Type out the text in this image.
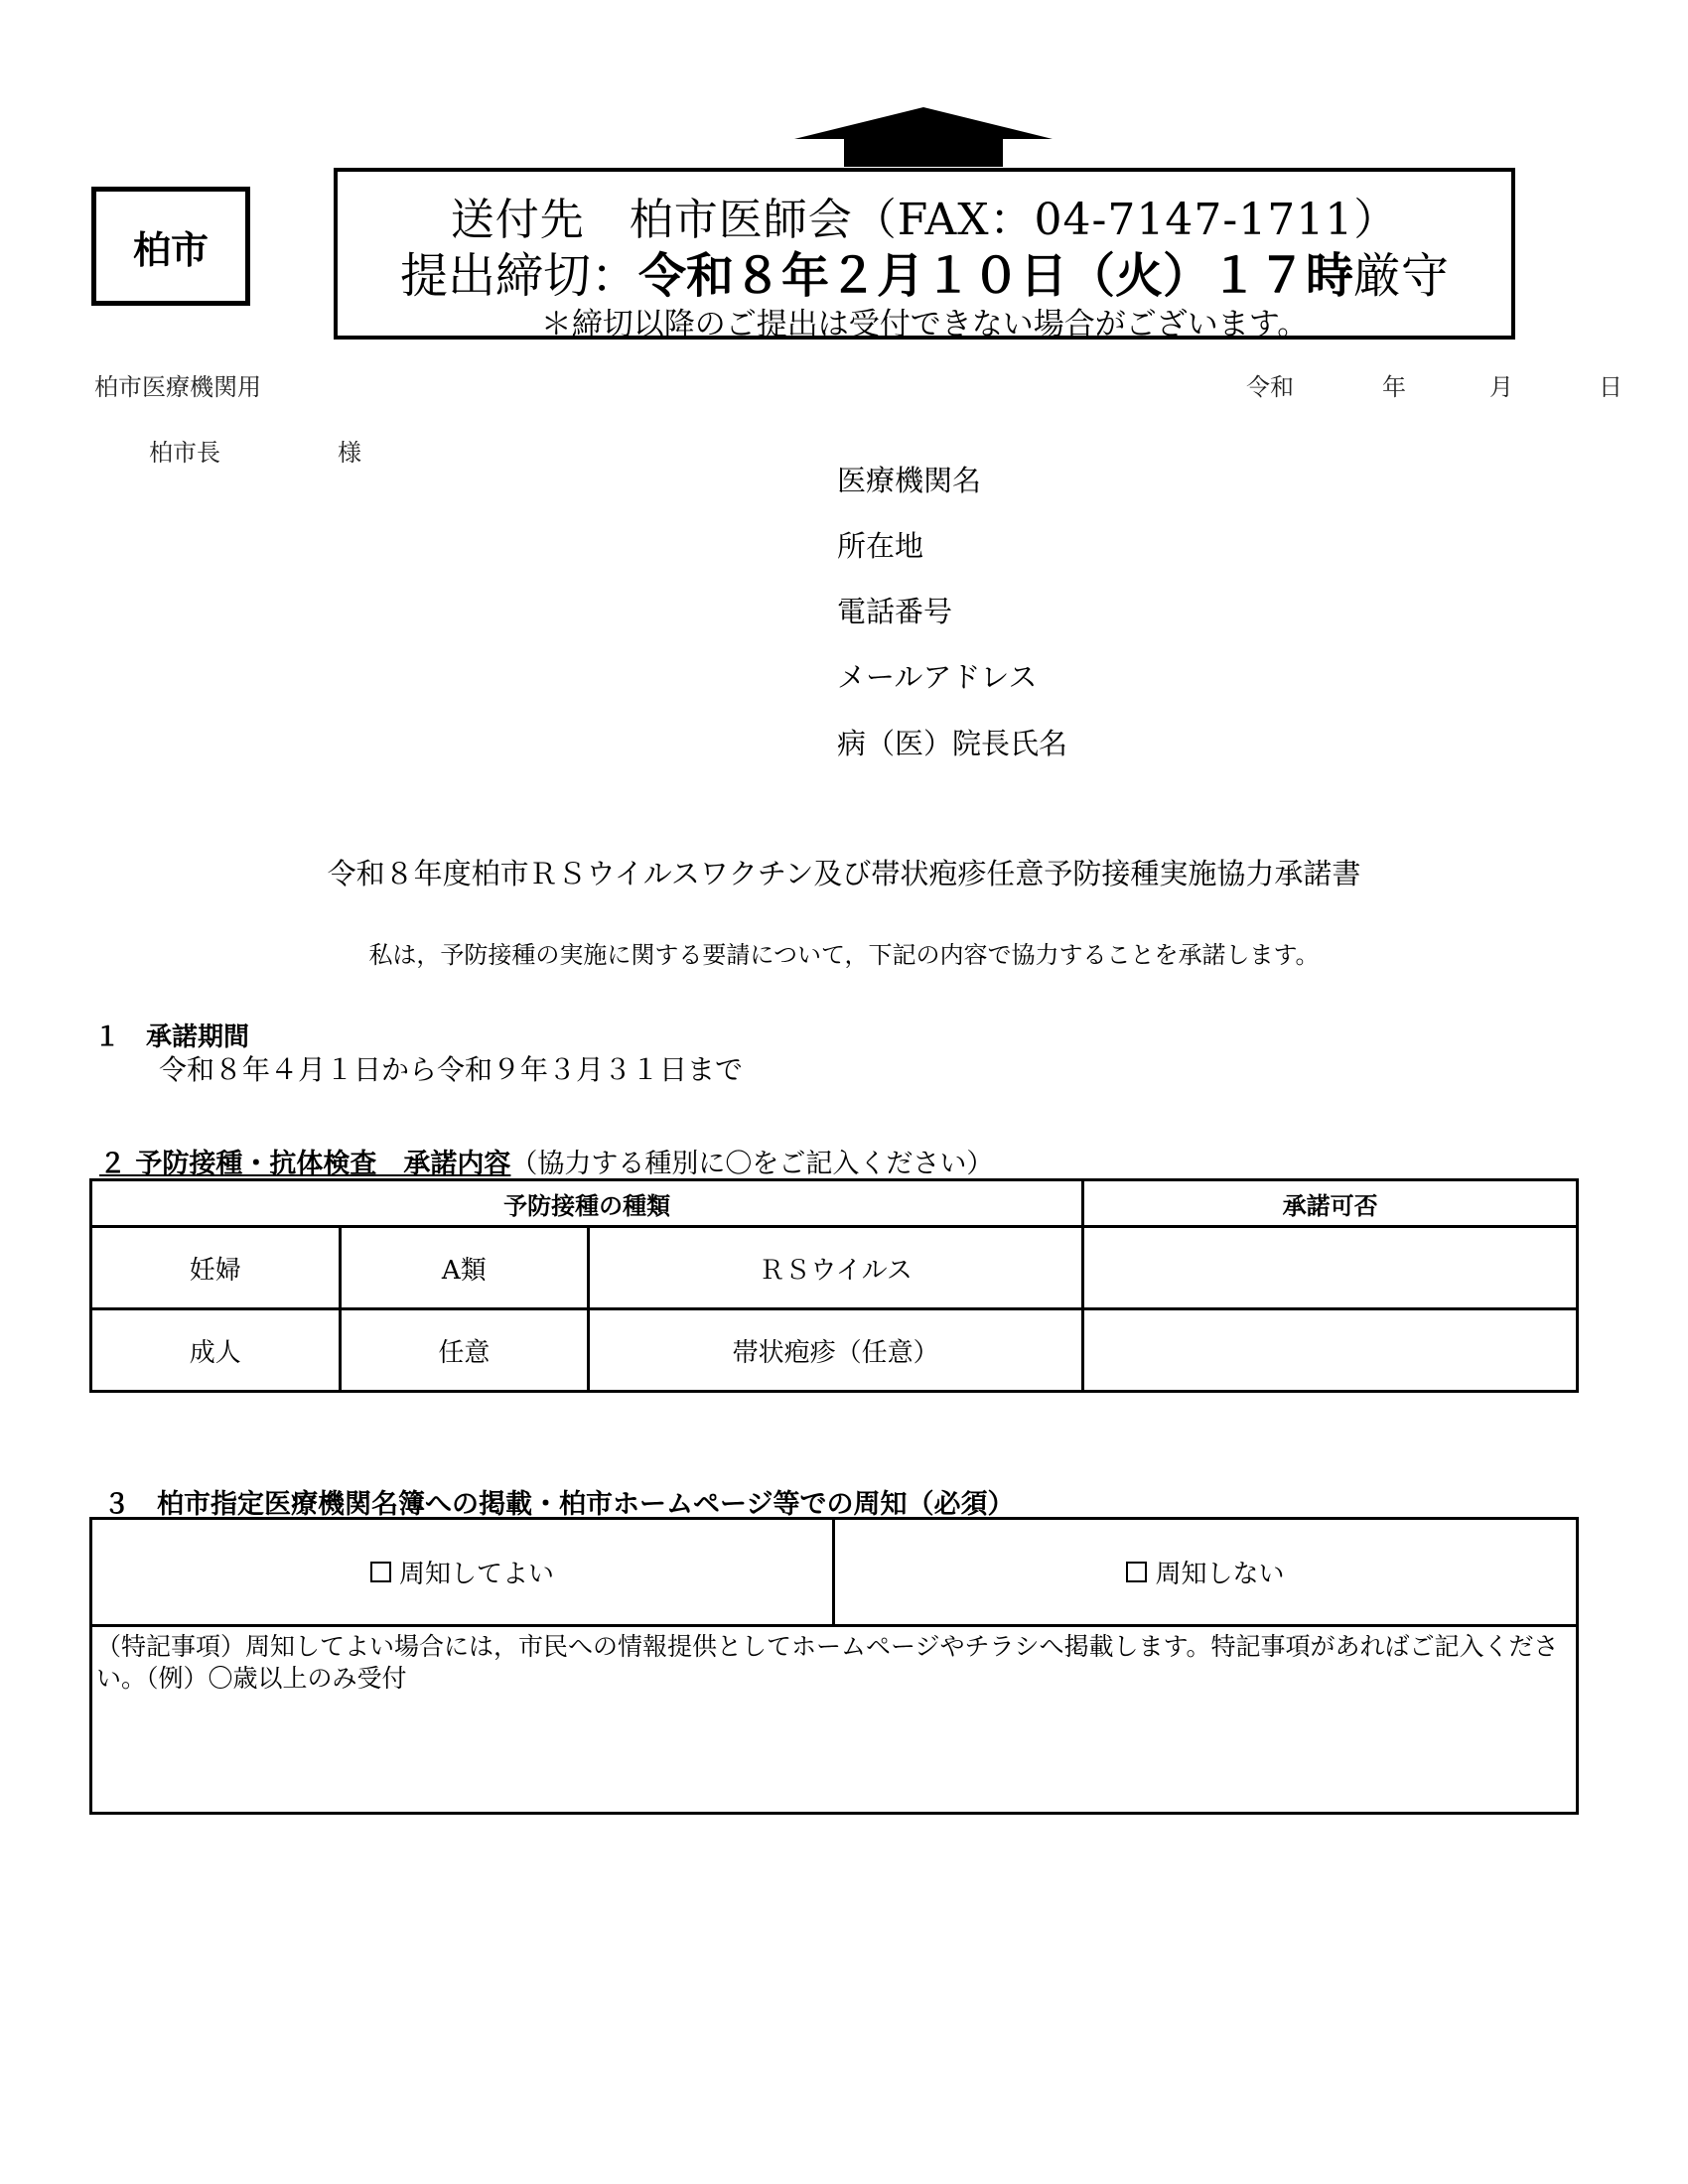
柏市
送付先　柏市医師会（FAX：04-7147-1711）
提出締切：令和８年２月１０日（火）１７時厳守
＊締切以降のご提出は受付できない場合がございます。
柏市医療機関用	令和	年	月	日
柏市長	様
医療機関名
所在地
電話番号
メールアドレス
病（医）院長氏名
令和８年度柏市ＲＳウイルスワクチン及び帯状疱疹任意予防接種実施協力承諾書
私は，予防接種の実施に関する要請について，下記の内容で協力することを承諾します。
１　承諾期間
令和８年４月１日から令和９年３月３１日まで
２ 予防接種・抗体検査　承諾内容（協力する種別に〇をご記入ください）
予防接種の種類			承諾可否
妊婦	A類	ＲＳウイルス	
成人	任意	帯状疱疹（任意）	
３　柏市指定医療機関名簿への掲載・柏市ホームページ等での周知（必須）
周知してよい	周知しない
（特記事項）周知してよい場合には，市民への情報提供としてホームページやチラシへ掲載します。特記事項があればご記入ください。（例）〇歳以上のみ受付
